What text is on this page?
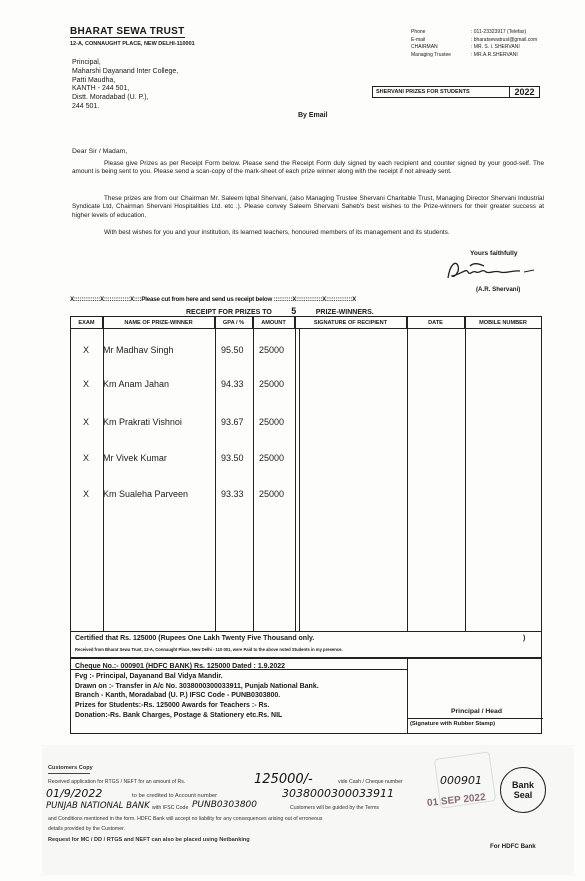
BHARAT SEWA TRUST
12-A, CONNAUGHT PLACE, NEW DELHI-110001
Phone	: 011-23323917 (Telefax)
E-mail	: bharatsewatrust@gmail.com
CHAIRMAN	: MR. S. I. SHERVANI
Managing Trustee	: MR.A.R.SHERVANI
SHERVANI PRIZES FOR STUDENTS	2022
Principal,
Maharshi Dayanand Inter College,
Patti Maudha,
KANTH - 244 501,
Distt. Moradabad (U. P.),
244 501.
By Email
Dear Sir / Madam,
Please give Prizes as per Receipt Form below. Please send the Receipt Form duly signed by each recipient and counter signed by your good-self. The amount is being sent to you. Please send a scan-copy of the mark-sheet of each prize winner along with the receipt if not already sent.
These prizes are from our Chairman Mr. Saleem Iqbal Shervani, (also Managing Trustee Shervani Charitable Trust, Managing Director Shervani Industrial Syndicate Ltd, Chairman Shervani Hospitalities Ltd. etc .). Please convey Saleem Shervani Saheb's best wishes to the Prize-winners for their greater success at higher levels of education.
With best wishes for you and your institution, its learned teachers, honoured members of its management and its students.
Yours faithfully
(A.R. Shervani)
X::::::::::::::X::::::::::::::X::::Please cut from here and send us receipt below ::::::::::X::::::::::::::X::::::::::::::X
RECEIPT FOR PRIZES TO 5	PRIZE-WINNERS.
EXAM	NAME OF PRIZE-WINNER	GPA / %	AMOUNT	SIGNATURE OF RECIPIENT	DATE	MOBILE NUMBER
X Mr Madhav Singh	95.50 25000
X Km Anam Jahan	94.33 25000
X Km Prakrati Vishnoi	93.67 25000
X Mr Vivek Kumar	93.50 25000
X Km Sualeha Parveen	93.33 25000
Certified that Rs. 125000 (Rupees One Lakh Twenty Five Thousand only.	)
Received from Bharat Sewa Trust, 12-A, Connaught Place, New Delhi - 110 001, were Paid to the above noted Students in my presence.
Cheque No.:- 000901 (HDFC BANK) Rs. 125000 Dated : 1.9.2022
Fvg :- Principal, Dayanand Bal Vidya Mandir.
Drawn on :- Transfer in A/c No. 3038000300033911, Punjab National Bank.
Branch - Kanth, Moradabad (U. P.) IFSC Code - PUNB0303800.
Prizes for Students:-Rs. 125000 Awards for Teachers :- Rs.
Donation:-Rs. Bank Charges, Postage & Stationery etc.Rs. NIL
Principal / Head
(Signature with Rubber Stamp)
Customers Copy
Received application for RTGS / NEFT for an amount of Rs.	125000/-	vide Cash / Cheque number	000901
01/9/2022	to be credited to Account number	3038000300033911	01 SEP 2022
PUNJAB NATIONAL BANK with IFSC Code PUNB0303800	Customers will be guided by the Terms
and Conditions mentioned in the form. HDFC Bank will accept no liability for any consequences arising out of erroneous
details provided by the Customer.
Request for MC / DD / RTGS and NEFT can also be placed using Netbanking
Bank
Seal
For HDFC Bank
